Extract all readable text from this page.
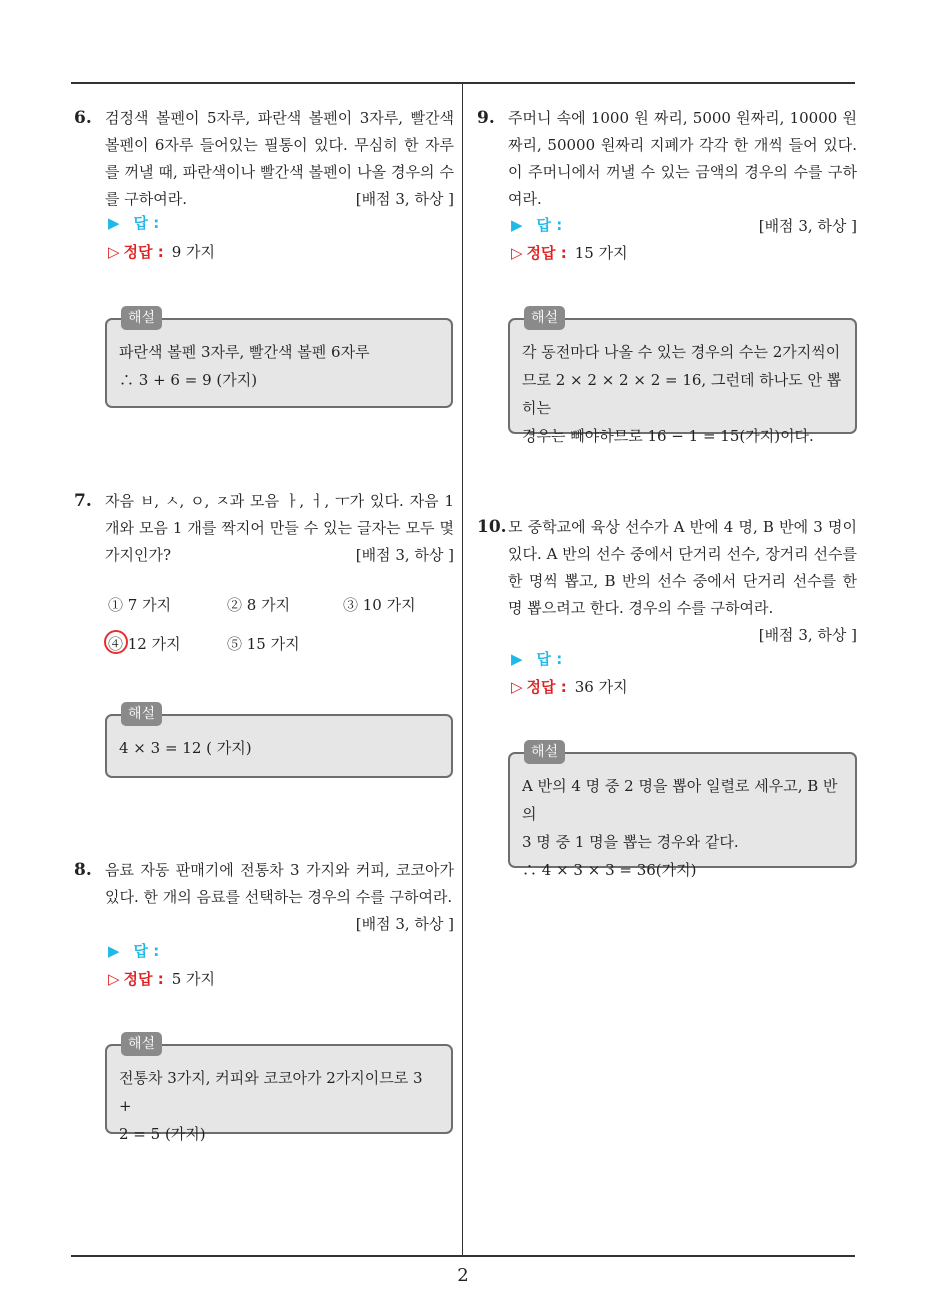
6. 검정색 볼펜이 5자루, 파란색 볼펜이 3자루, 빨간색 볼펜이 6자루 들어있는 필통이 있다. 무심히 한 자루를 꺼낼 때, 파란색이나 빨간색 볼펜이 나올 경우의 수를 구하여라.	[배점 3, 하상 ]
▶ 답 :
▷ 정답 : 9 가지
해설
파란색 볼펜 3자루, 빨간색 볼펜 6자루
∴ 3 + 6 = 9 (가지)
7. 자음 ㅂ, ㅅ, ㅇ, ㅈ과 모음 ㅏ, ㅓ, ㅜ가 있다. 자음 1 개와 모음 1 개를 짝지어 만들 수 있는 글자는 모두 몇 가지인가?	[배점 3, 하상 ]
① 7 가지	② 8 가지	③ 10 가지
④ 12 가지	⑤ 15 가지
해설
4 × 3 = 12 ( 가지)
8. 음료 자동 판매기에 전통차 3 가지와 커피, 코코아가 있다. 한 개의 음료를 선택하는 경우의 수를 구하여라.
[배점 3, 하상 ]
▶ 답 :
▷ 정답 : 5 가지
해설
전통차 3가지, 커피와 코코아가 2가지이므로 3 +
2 = 5 (가지)
9. 주머니 속에 1000 원 짜리, 5000 원짜리, 10000 원짜리, 50000 원짜리 지폐가 각각 한 개씩 들어 있다. 이 주머니에서 꺼낼 수 있는 금액의 경우의 수를 구하여라.
[배점 3, 하상 ]
▶ 답 :
▷ 정답 : 15 가지
해설
각 동전마다 나올 수 있는 경우의 수는 2가지씩이
므로 2 × 2 × 2 × 2 = 16, 그런데 하나도 안 뽑히는
경우는 빼야하므로 16 − 1 = 15(가지)이다.
10. 모 중학교에 육상 선수가 A 반에 4 명, B 반에 3 명이 있다. A 반의 선수 중에서 단거리 선수, 장거리 선수를 한 명씩 뽑고, B 반의 선수 중에서 단거리 선수를 한 명 뽑으려고 한다. 경우의 수를 구하여라.
[배점 3, 하상 ]
▶ 답 :
▷ 정답 : 36 가지
해설
A 반의 4 명 중 2 명을 뽑아 일렬로 세우고, B 반의
3 명 중 1 명을 뽑는 경우와 같다.
∴ 4 × 3 × 3 = 36(가지)
2
